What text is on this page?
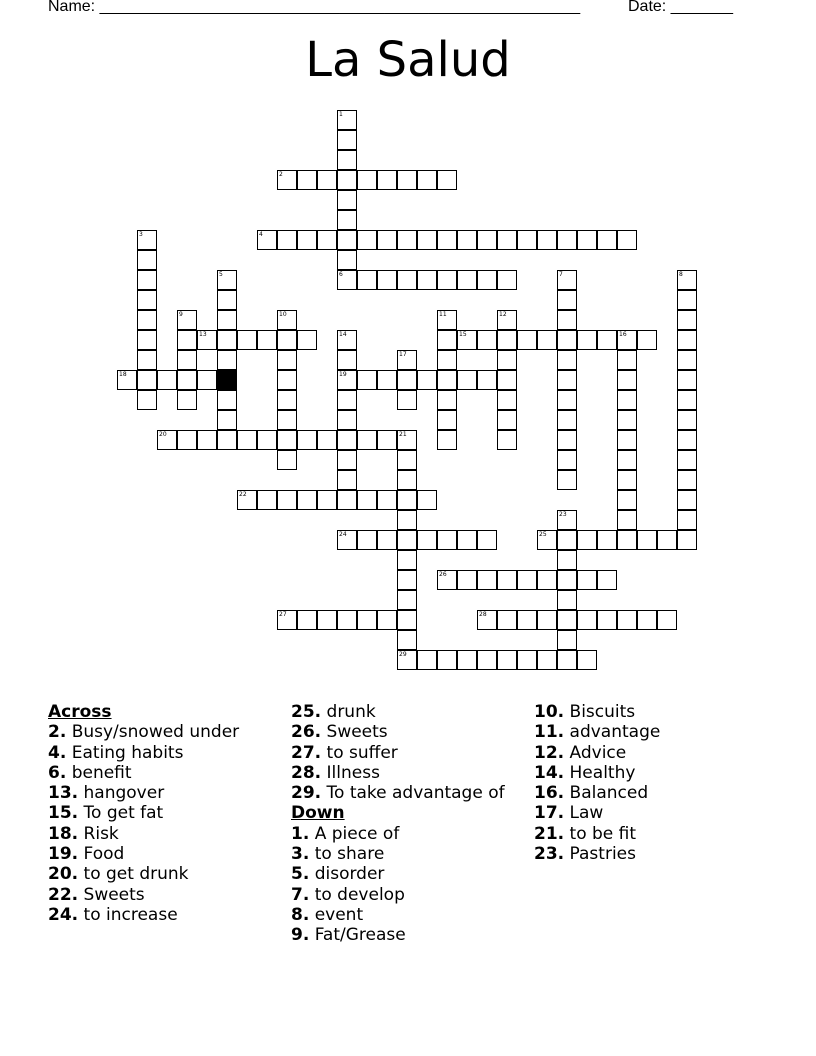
Name: ______________________________________________________	Date: _______
La Salud
2
4
6
13	15	16
18	19
20	21
22
24	25
26
27	28
29
1
3
5	7	8
9	10	11	12
14
17
23
Across
2. Busy/snowed under
4. Eating habits
6. benefit
13. hangover
15. To get fat
18. Risk
19. Food
20. to get drunk
22. Sweets
24. to increase
25. drunk
26. Sweets
27. to suffer
28. Illness
29. To take advantage of
Down
1. A piece of
3. to share
5. disorder
7. to develop
8. event
9. Fat/Grease
10. Biscuits
11. advantage
12. Advice
14. Healthy
16. Balanced
17. Law
21. to be fit
23. Pastries
